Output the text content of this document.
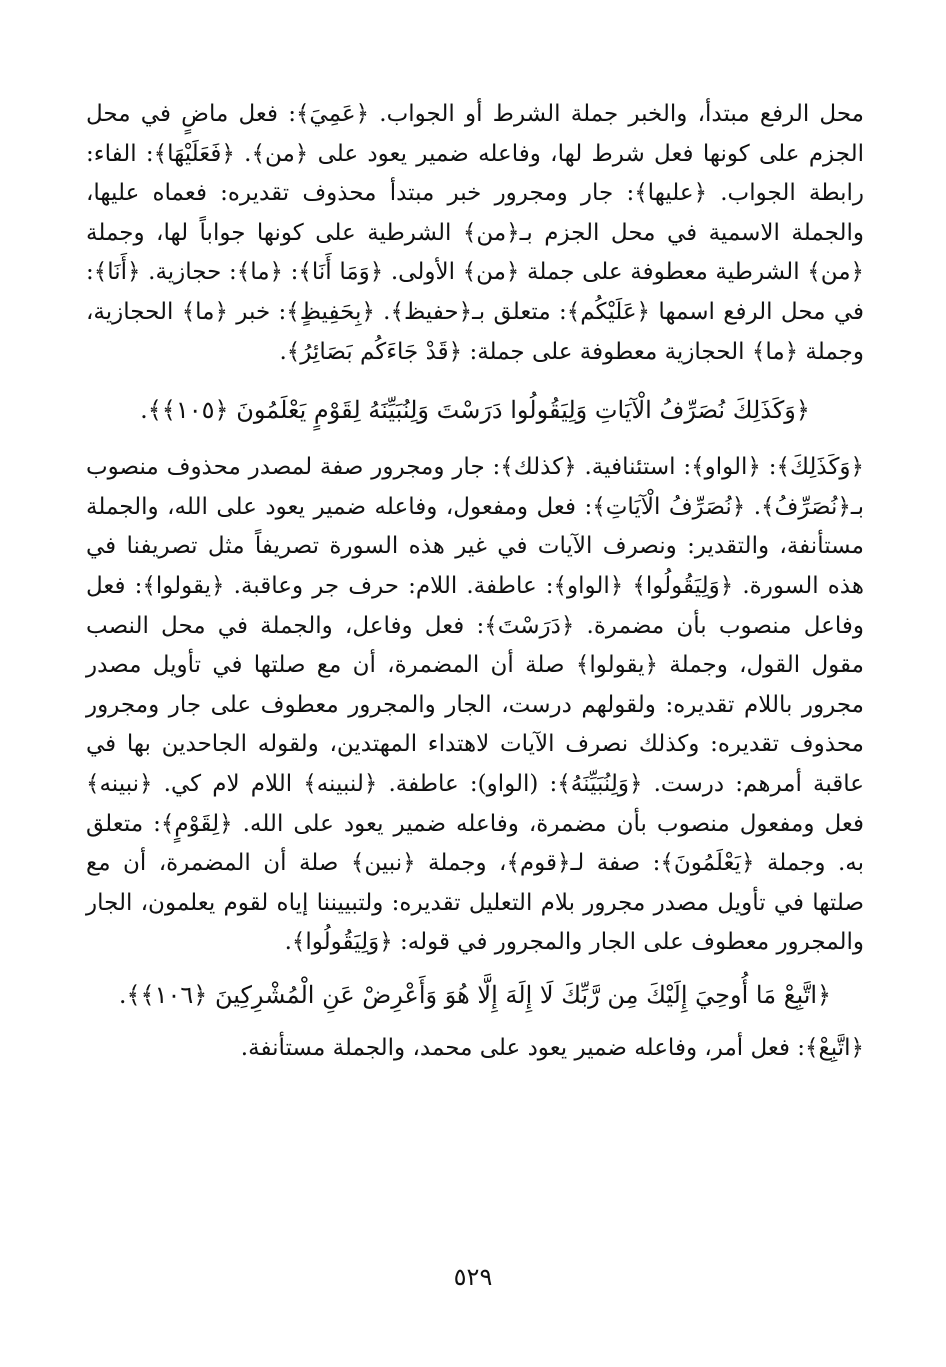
محل الرفع مبتدأ، والخبر جملة الشرط أو الجواب. ﴿عَمِيَ﴾: فعل ماضٍ في محل الجزم على كونها فعل شرط لها، وفاعله ضمير يعود على ﴿من﴾. ﴿فَعَلَيْهَا﴾: الفاء: رابطة الجواب. ﴿عليها﴾: جار ومجرور خبر مبتدأ محذوف تقديره: فعماه عليها، والجملة الاسمية في محل الجزم بـ﴿من﴾ الشرطية على كونها جواباً لها، وجملة ﴿من﴾ الشرطية معطوفة على جملة ﴿من﴾ الأولى. ﴿وَمَا أَنَا﴾: ﴿ما﴾: حجازية. ﴿أَنَا﴾: في محل الرفع اسمها ﴿عَلَيْكُم﴾: متعلق بـ﴿حفيظ﴾. ﴿بِحَفِيظٍ﴾: خبر ﴿ما﴾ الحجازية، وجملة ﴿ما﴾ الحجازية معطوفة على جملة: ﴿قَدْ جَاءَكُم بَصَائِرُ﴾.

﴿وَكَذَلِكَ نُصَرِّفُ الْآيَاتِ وَلِيَقُولُوا دَرَسْتَ وَلِنُبَيِّنَهُ لِقَوْمٍ يَعْلَمُونَ ﴿١٠٥﴾﴾.

﴿وَكَذَلِكَ﴾: ﴿الواو﴾: استئنافية. ﴿كذلك﴾: جار ومجرور صفة لمصدر محذوف منصوب بـ﴿نُصَرِّفُ﴾. ﴿نُصَرِّفُ الْآيَاتِ﴾: فعل ومفعول، وفاعله ضمير يعود على الله، والجملة مستأنفة، والتقدير: ونصرف الآيات في غير هذه السورة تصريفاً مثل تصريفنا في هذه السورة. ﴿وَلِيَقُولُوا﴾ ﴿الواو﴾: عاطفة. اللام: حرف جر وعاقبة. ﴿يقولوا﴾: فعل وفاعل منصوب بأن مضمرة. ﴿دَرَسْتَ﴾: فعل وفاعل، والجملة في محل النصب مقول القول، وجملة ﴿يقولوا﴾ صلة أن المضمرة، أن مع صلتها في تأويل مصدر مجرور باللام تقديره: ولقولهم درست، الجار والمجرور معطوف على جار ومجرور محذوف تقديره: وكذلك نصرف الآيات لاهتداء المهتدين، ولقوله الجاحدين بها في عاقبة أمرهم: درست. ﴿وَلِنُبَيِّنَهُ﴾: (الواو): عاطفة. ﴿لنبينه﴾ اللام لام كي. ﴿نبينه﴾ فعل ومفعول منصوب بأن مضمرة، وفاعله ضمير يعود على الله. ﴿لِقَوْمٍ﴾: متعلق به. وجملة ﴿يَعْلَمُونَ﴾: صفة لـ﴿قوم﴾، وجملة ﴿نبين﴾ صلة أن المضمرة، أن مع صلتها في تأويل مصدر مجرور بلام التعليل تقديره: ولتبييننا إياه لقوم يعلمون، الجار والمجرور معطوف على الجار والمجرور في قوله: ﴿وَلِيَقُولُوا﴾.

﴿اتَّبِعْ مَا أُوحِيَ إِلَيْكَ مِن رَّبِّكَ لَا إِلَهَ إِلَّا هُوَ وَأَعْرِضْ عَنِ الْمُشْرِكِينَ ﴿١٠٦﴾﴾.

﴿اتَّبِعْ﴾: فعل أمر، وفاعله ضمير يعود على محمد، والجملة مستأنفة.

٥٢٩
